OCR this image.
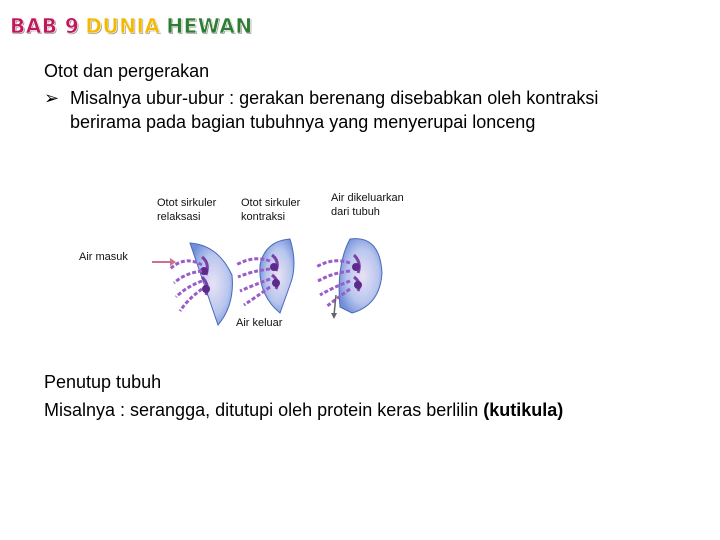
BAB 9 DUNIA HEWAN
Otot dan pergerakan
➢ Misalnya ubur-ubur : gerakan berenang disebabkan oleh kontraksi
berirama pada bagian tubuhnya yang menyerupai lonceng
Otot sirkuler
relaksasi
Otot sirkuler
kontraksi
Air dikeluarkan
dari tubuh
Air masuk
Air keluar
Penutup tubuh
Misalnya : serangga, ditutupi oleh protein keras berlilin (kutikula)
